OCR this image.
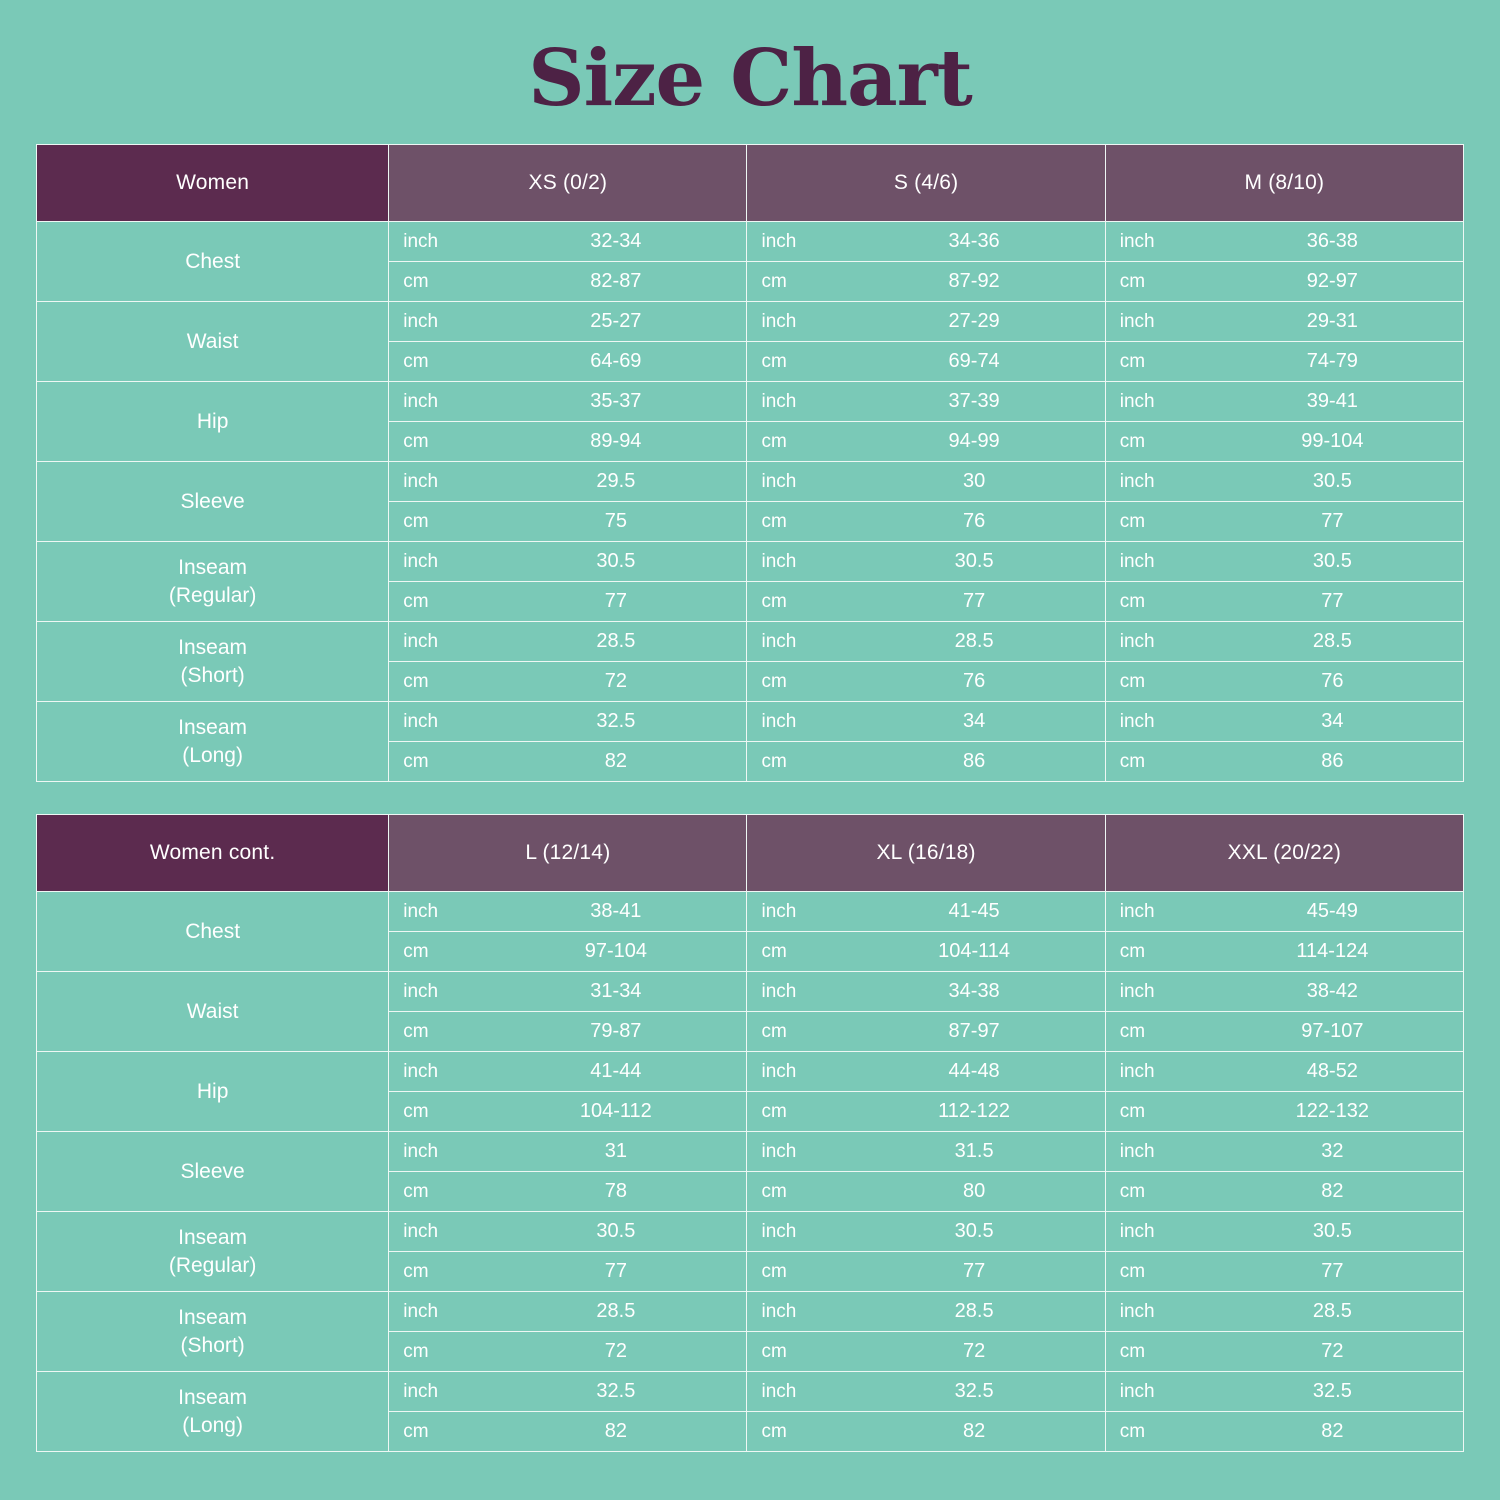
Size Chart
Women	XS (0/2)	S (4/6)	M (8/10)
Chest	inch 32-34	inch 34-36	inch 36-38

cm 82-87	cm 87-92	cm 92-97

Waist	inch 25-27	inch 27-29	inch 29-31

cm 64-69	cm 69-74	cm 74-79

Hip	inch 35-37	inch 37-39	inch 39-41

cm 89-94	cm 94-99	cm 99-104

Sleeve	inch 29.5	inch 30	inch 30.5

cm 75	cm 76	cm 77

Inseam
(Regular)	inch 30.5	inch 30.5	inch 30.5

cm 77	cm 77	cm 77

Inseam
(Short)	inch 28.5	inch 28.5	inch 28.5

cm 72	cm 76	cm 76

Inseam
(Long)	inch 32.5	inch 34	inch 34

cm 82	cm 86	cm 86
Women cont.	L (12/14)	XL (16/18)	XXL (20/22)
Chest	inch 38-41	inch 41-45	inch 45-49

cm 97-104	cm 104-114	cm 114-124

Waist	inch 31-34	inch 34-38	inch 38-42

cm 79-87	cm 87-97	cm 97-107

Hip	inch 41-44	inch 44-48	inch 48-52

cm 104-112	cm 112-122	cm 122-132

Sleeve	inch 31	inch 31.5	inch 32

cm 78	cm 80	cm 82

Inseam
(Regular)	inch 30.5	inch 30.5	inch 30.5

cm 77	cm 77	cm 77

Inseam
(Short)	inch 28.5	inch 28.5	inch 28.5

cm 72	cm 72	cm 72

Inseam
(Long)	inch 32.5	inch 32.5	inch 32.5

cm 82	cm 82	cm 82
